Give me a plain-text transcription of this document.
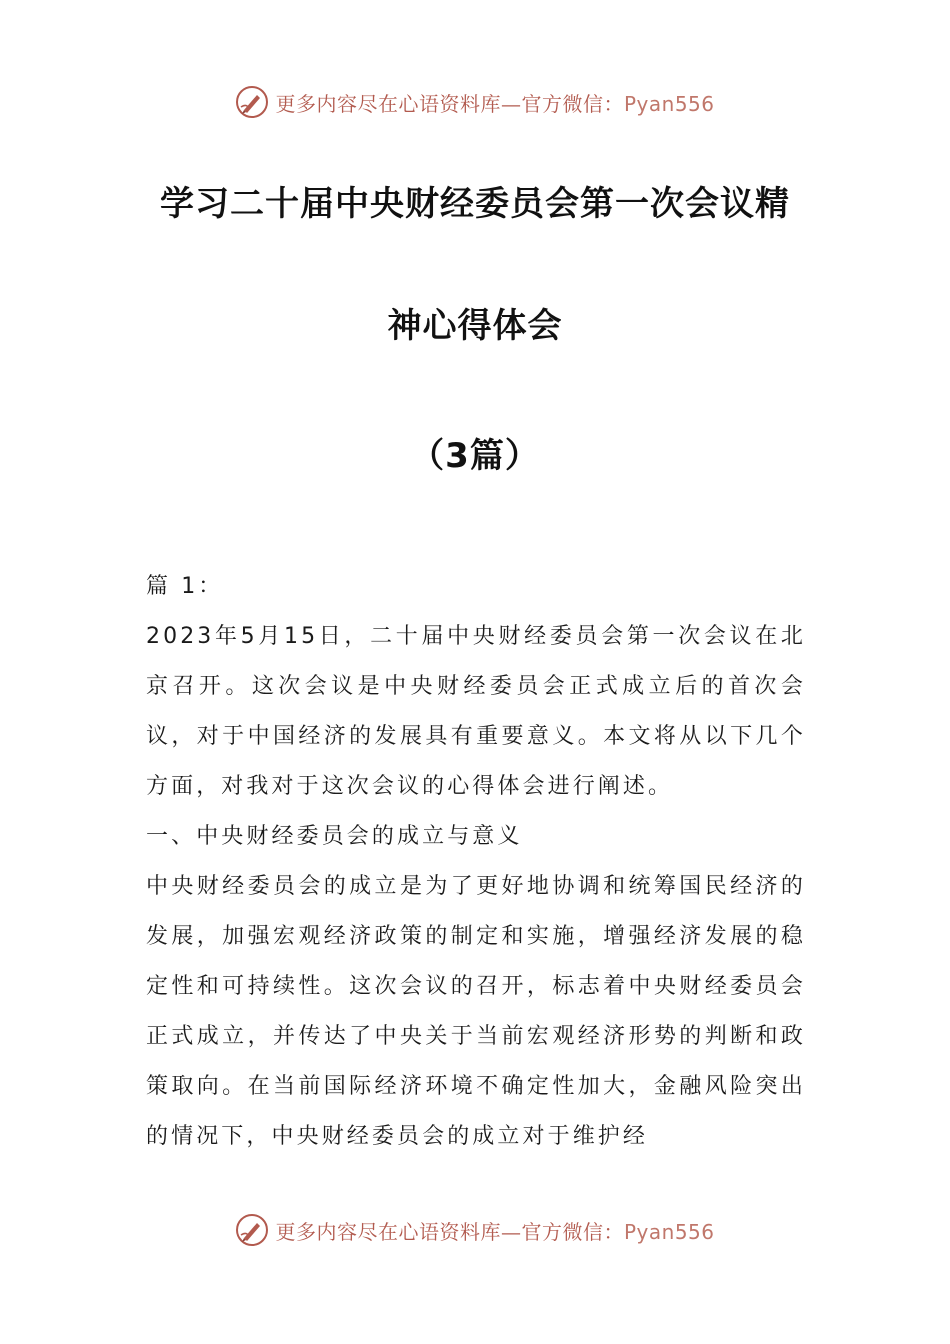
更多内容尽在心语资料库—官方微信：Pyan556
学习二十届中央财经委员会第一次会议精
神心得体会
（3篇）

篇 1：

2023年5月15日，二十届中央财经委员会第一次会议在北京召开。这次会议是中央财经委员会正式成立后的首次会议，对于中国经济的发展具有重要意义。本文将从以下几个方面，对我对于这次会议的心得体会进行阐述。

一、中央财经委员会的成立与意义

中央财经委员会的成立是为了更好地协调和统筹国民经济的发展，加强宏观经济政策的制定和实施，增强经济发展的稳定性和可持续性。这次会议的召开，标志着中央财经委员会正式成立，并传达了中央关于当前宏观经济形势的判断和政策取向。在当前国际经济环境不确定性加大，金融风险突出的情况下，中央财经委员会的成立对于维护经

更多内容尽在心语资料库—官方微信：Pyan556
